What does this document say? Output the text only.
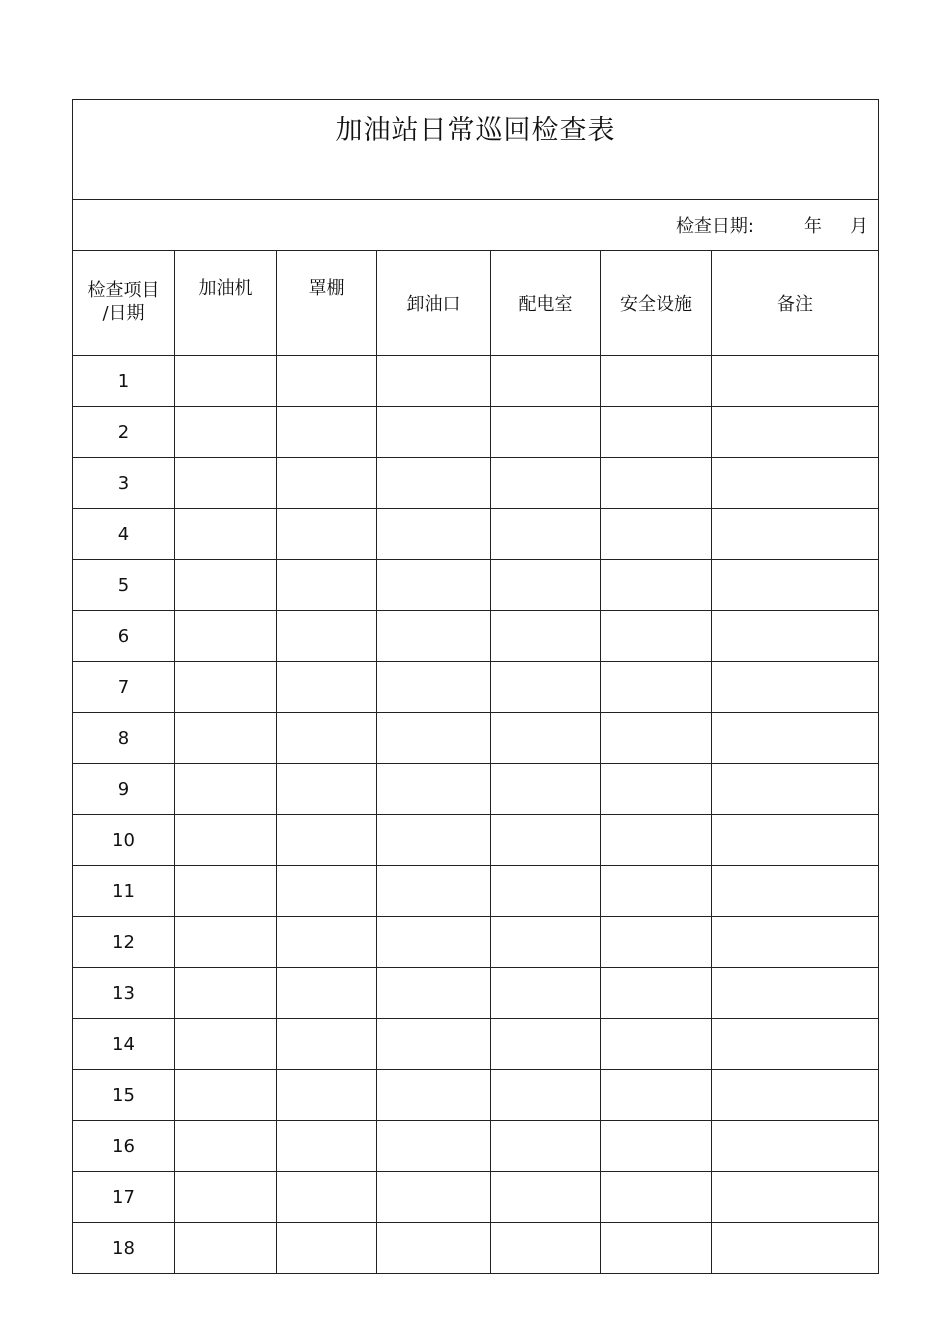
加油站日常巡回检查表						

检查日期: 年 月						
检查项目
/日期	加油机	罩棚	卸油口	配电室	安全设施	备注
1						
2						
3						
4						
5						
6						
7						
8						
9						
10						
11						
12						
13						
14						
15						
16						
17						
18						
